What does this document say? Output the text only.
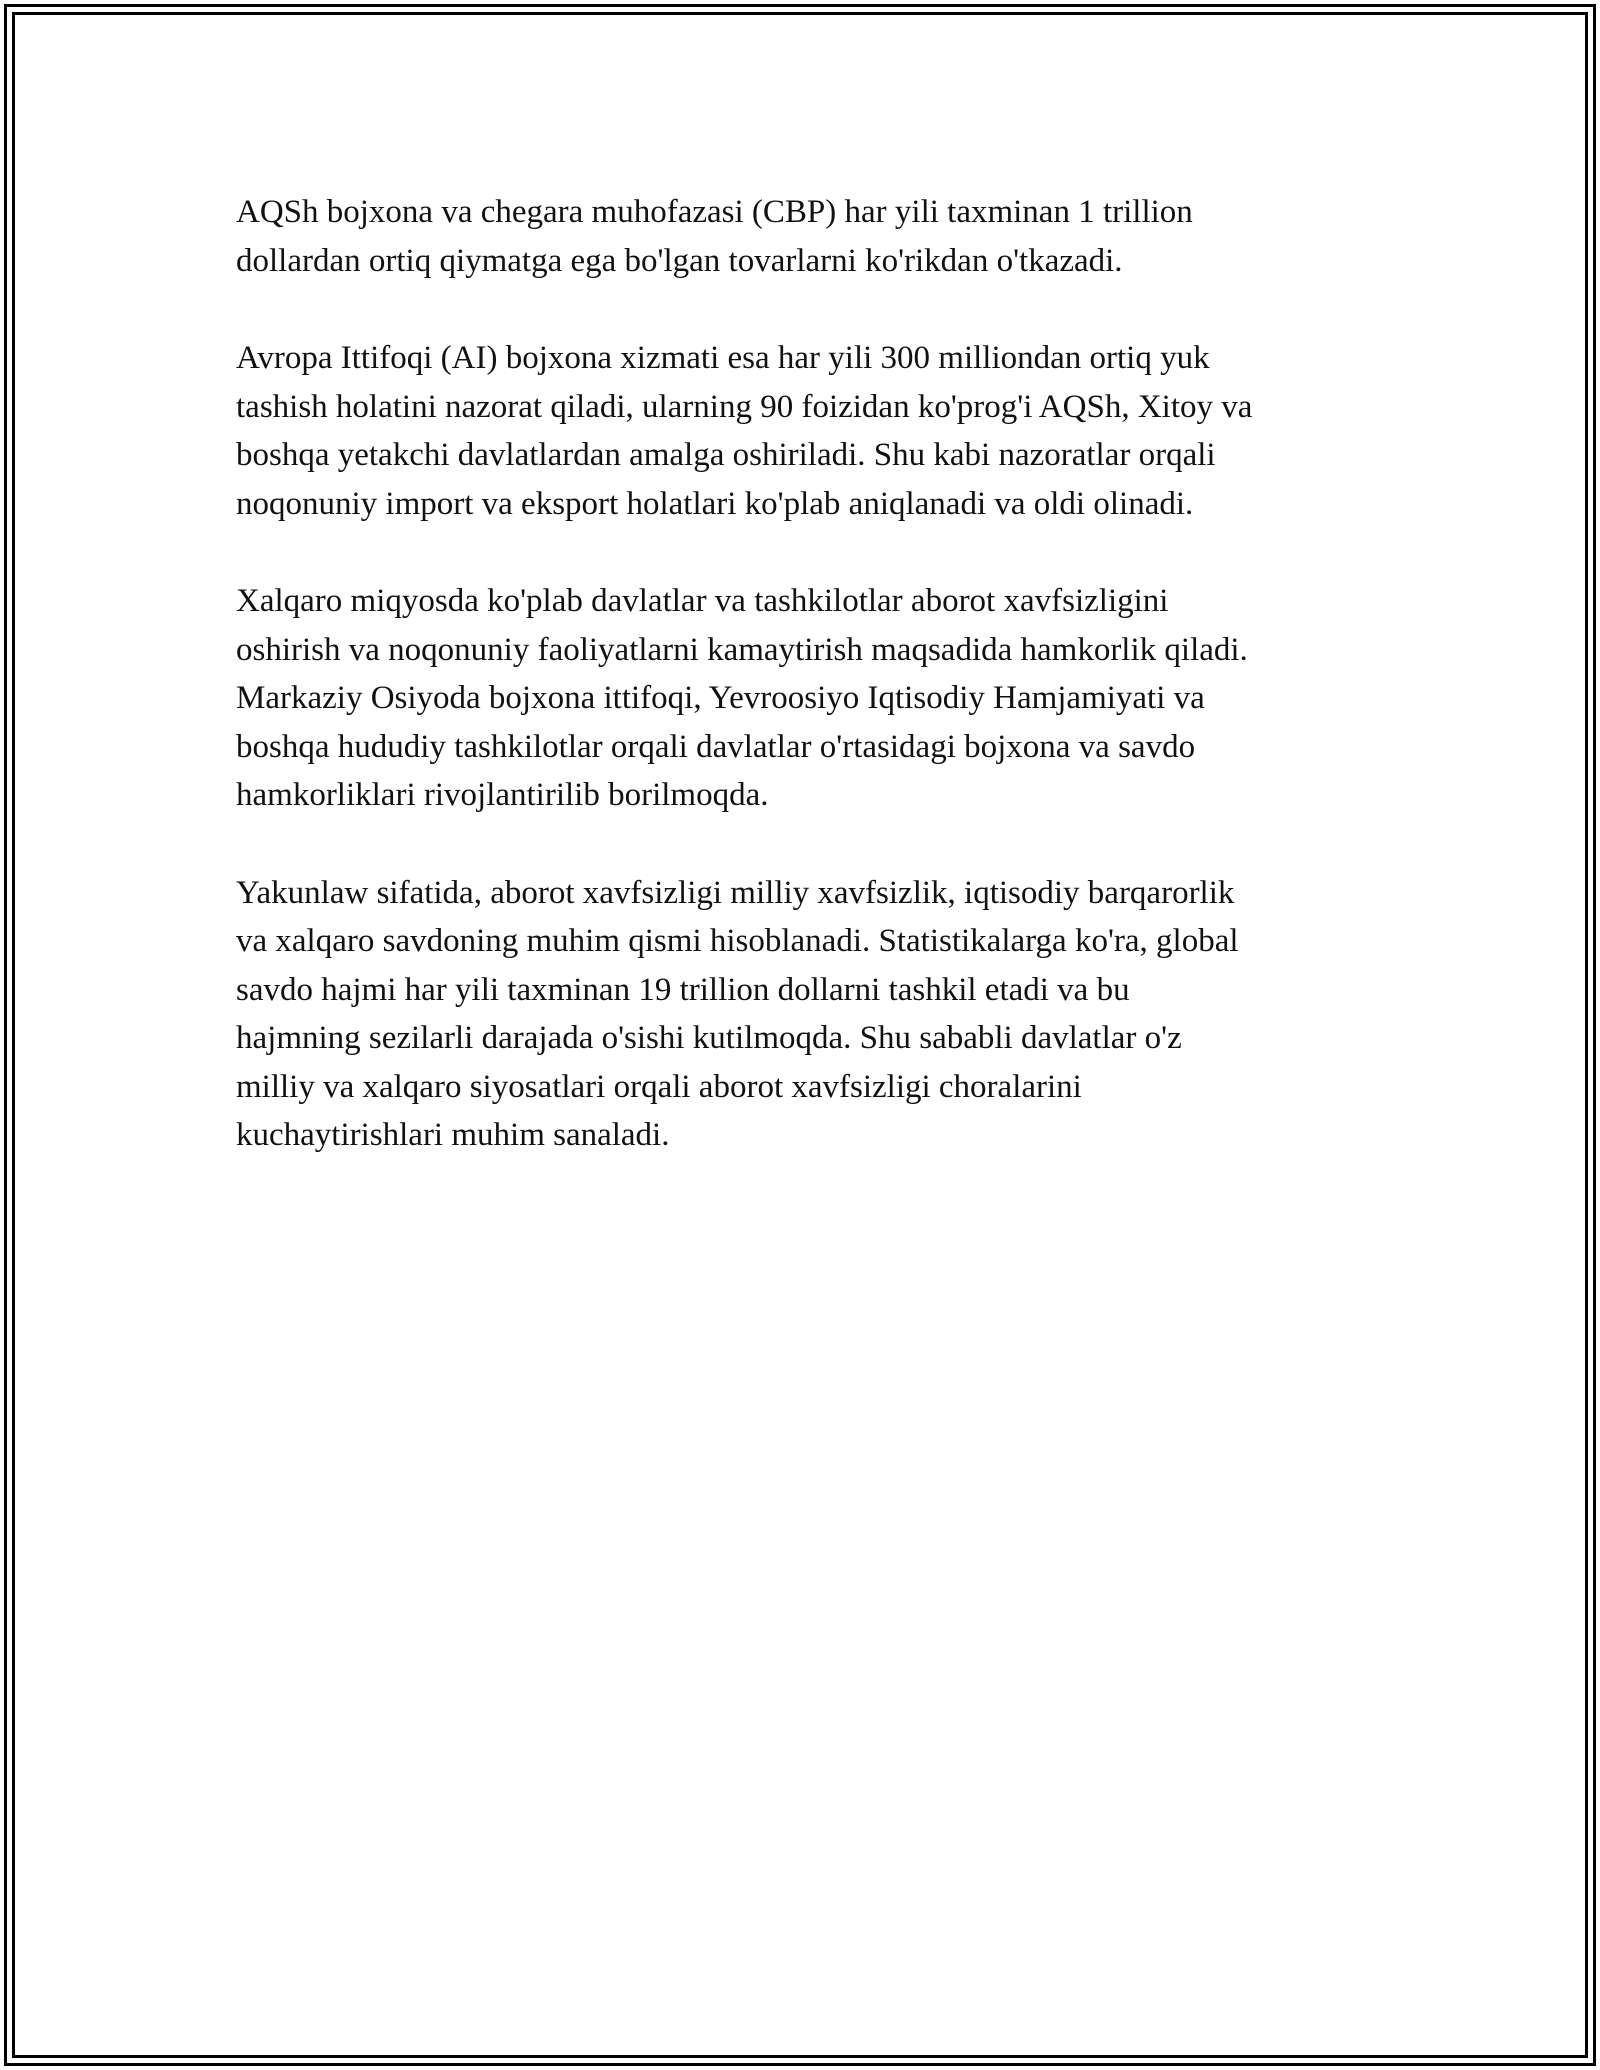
AQSh bojxona va chegara muhofazasi (CBP) har yili taxminan 1 trillion
dollardan ortiq qiymatga ega bo'lgan tovarlarni ko'rikdan o'tkazadi.

Avropa Ittifoqi (AI) bojxona xizmati esa har yili 300 milliondan ortiq yuk
tashish holatini nazorat qiladi, ularning 90 foizidan ko'prog'i AQSh, Xitoy va
boshqa yetakchi davlatlardan amalga oshiriladi. Shu kabi nazoratlar orqali
noqonuniy import va eksport holatlari ko'plab aniqlanadi va oldi olinadi.

Xalqaro miqyosda ko'plab davlatlar va tashkilotlar aborot xavfsizligini
oshirish va noqonuniy faoliyatlarni kamaytirish maqsadida hamkorlik qiladi.
Markaziy Osiyoda bojxona ittifoqi, Yevroosiyo Iqtisodiy Hamjamiyati va
boshqa hududiy tashkilotlar orqali davlatlar o'rtasidagi bojxona va savdo
hamkorliklari rivojlantirilib borilmoqda.

Yakunlaw sifatida, aborot xavfsizligi milliy xavfsizlik, iqtisodiy barqarorlik
va xalqaro savdoning muhim qismi hisoblanadi. Statistikalarga ko'ra, global
savdo hajmi har yili taxminan 19 trillion dollarni tashkil etadi va bu
hajmning sezilarli darajada o'sishi kutilmoqda. Shu sababli davlatlar o'z
milliy va xalqaro siyosatlari orqali aborot xavfsizligi choralarini
kuchaytirishlari muhim sanaladi.
